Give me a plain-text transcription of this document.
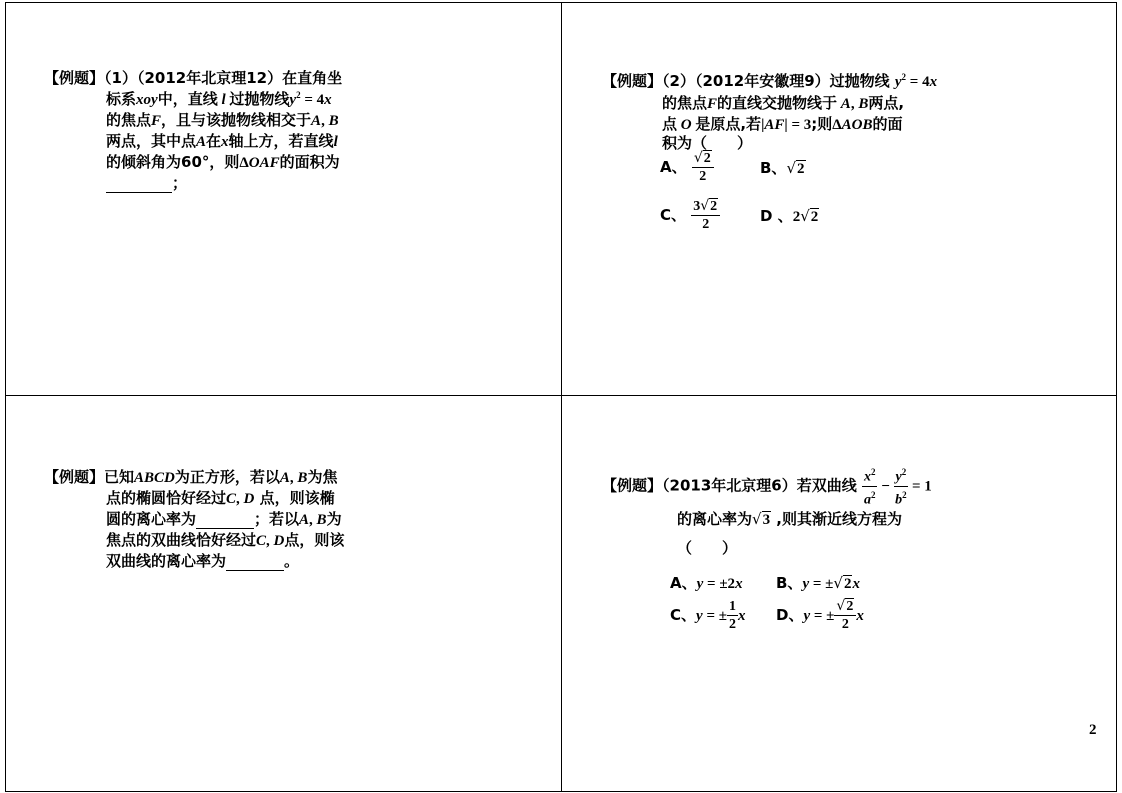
【例题】（1）（2012年北京理12）在直角坐
标系xoy中，直线 l 过抛物线$y^2 = 4x$
的焦点F，且与该抛物线相交于A, B
两点，其中点A在x轴上方，若直线l
的倾斜角为60°，则ΔOAF的面积为
；
【例题】（2）（2012年安徽理9）过抛物线 $y^2 = 4x$
的焦点F的直线交抛物线于 A, B两点,
点 O 是原点,若|AF| = 3;则ΔAOB的面
积为（　　）
A、 $\frac{√2}{2}$	B、√2
C、 $\frac{3√2}{2}$	D 、2√2
【例题】已知ABCD为正方形，若以A, B为焦
点的椭圆恰好经过C, D 点，则该椭
圆的离心率为	；若以A, B为
焦点的双曲线恰好经过C, D点，则该
双曲线的离心率为	。
【例题】（2013年北京理6）若双曲线 $\frac{x^2}{a^2} - \frac{y^2}{b^2} = 1$
的离心率为√3 ,则其渐近线方程为
（　　）
A、y = ±2x B、y = ±√2x
C、y = ± $\frac{1}{2}$ x D、y = ± $\frac{√2}{2}$ x
2
